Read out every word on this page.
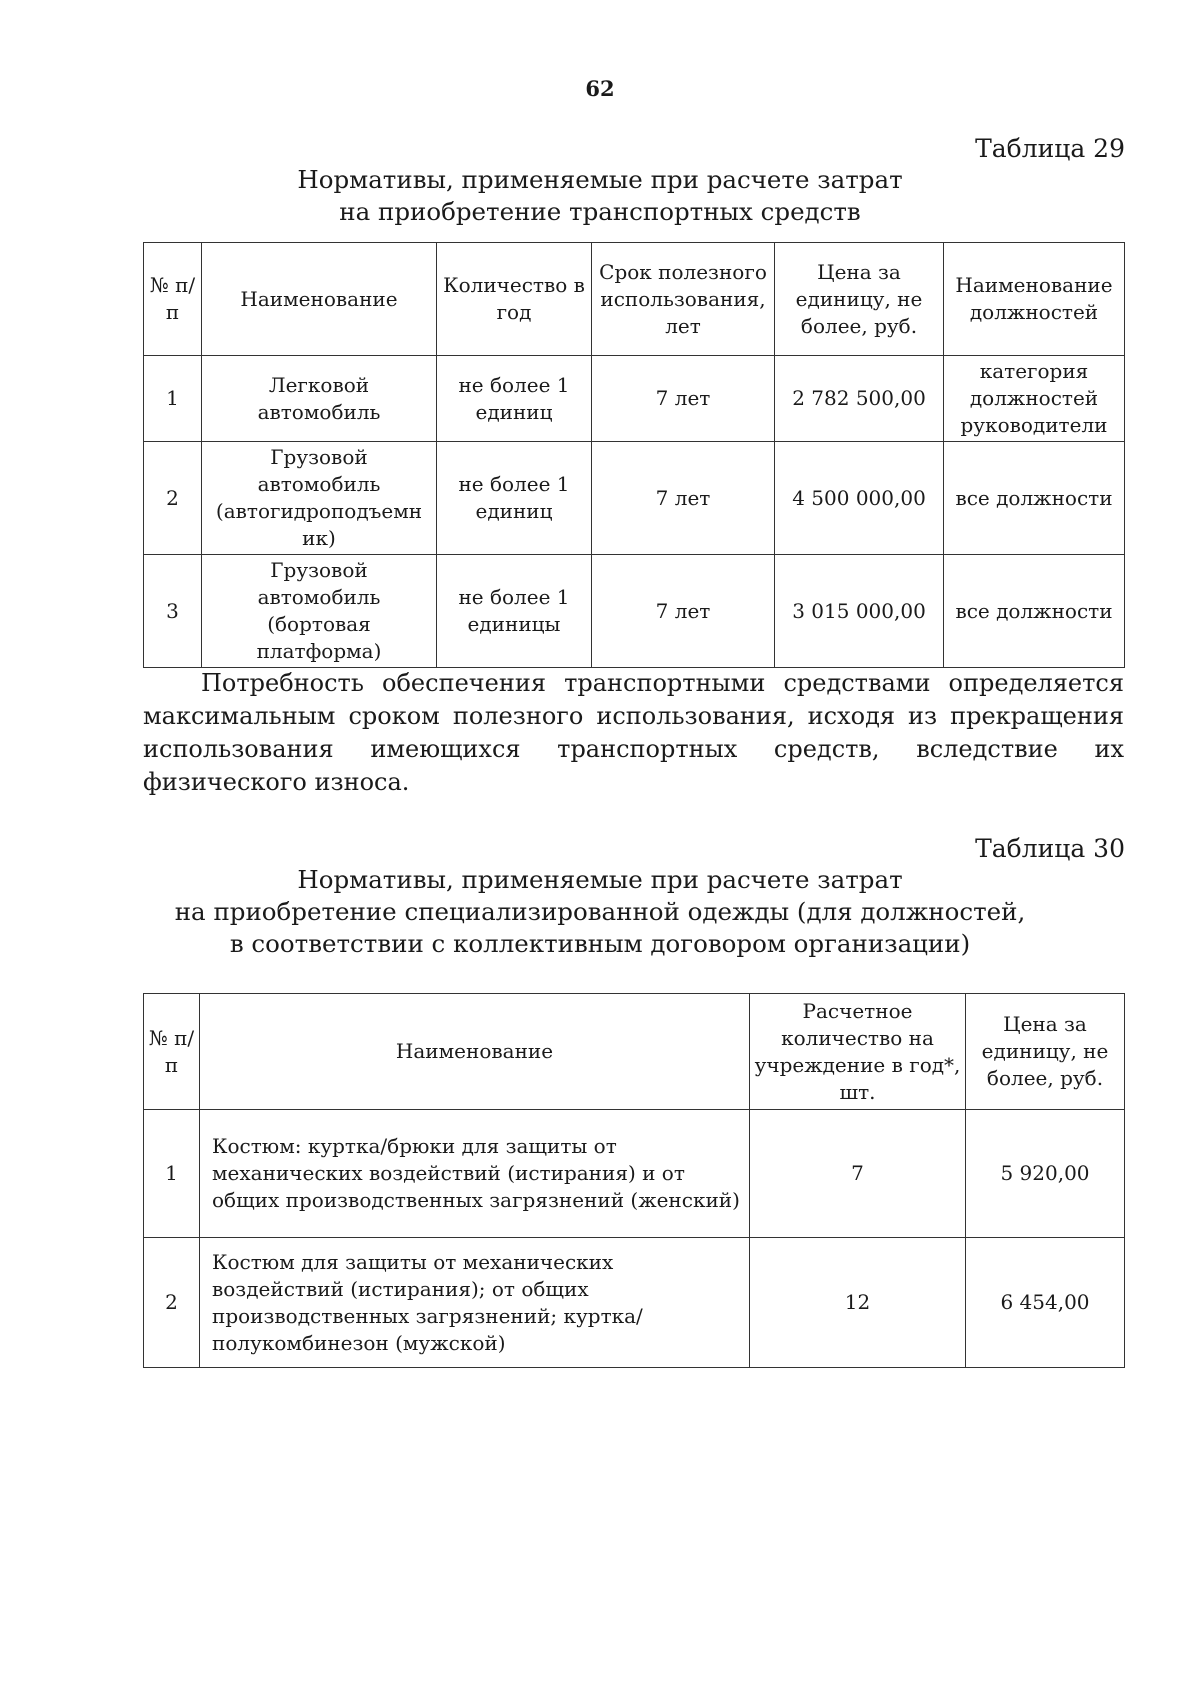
62
Таблица 29
Нормативы, применяемые при расчете затрат
на приобретение транспортных средств
№ п/п	Наименование	Количество в год	Срок полезного использования, лет	Цена за единицу, не более, руб.	Наименование должностей
1	Легковой автомобиль	не более 1 единиц	7 лет	2 782 500,00	категория должностей руководители
2	Грузовой автомобиль (автогидроподъемн ик)	не более 1 единиц	7 лет	4 500 000,00	все должности
3	Грузовой автомобиль (бортовая платформа)	не более 1 единицы	7 лет	3 015 000,00	все должности
Потребность обеспечения транспортными средствами определяется максимальным сроком полезного использования, исходя из прекращения использования имеющихся транспортных средств, вследствие их физического износа.
Таблица 30
Нормативы, применяемые при расчете затрат
на приобретение специализированной одежды (для должностей,
в соответствии с коллективным договором организации)
№ п/п	Наименование	Расчетное количество на учреждение в год*, шт.	Цена за единицу, не более, руб.
1	Костюм: куртка/брюки для защиты от механических воздействий (истирания) и от общих производственных загрязнений (женский)	7	5 920,00
2	Костюм для защиты от механических воздействий (истирания); от общих производственных загрязнений; куртка/полукомбинезон (мужской)	12	6 454,00
